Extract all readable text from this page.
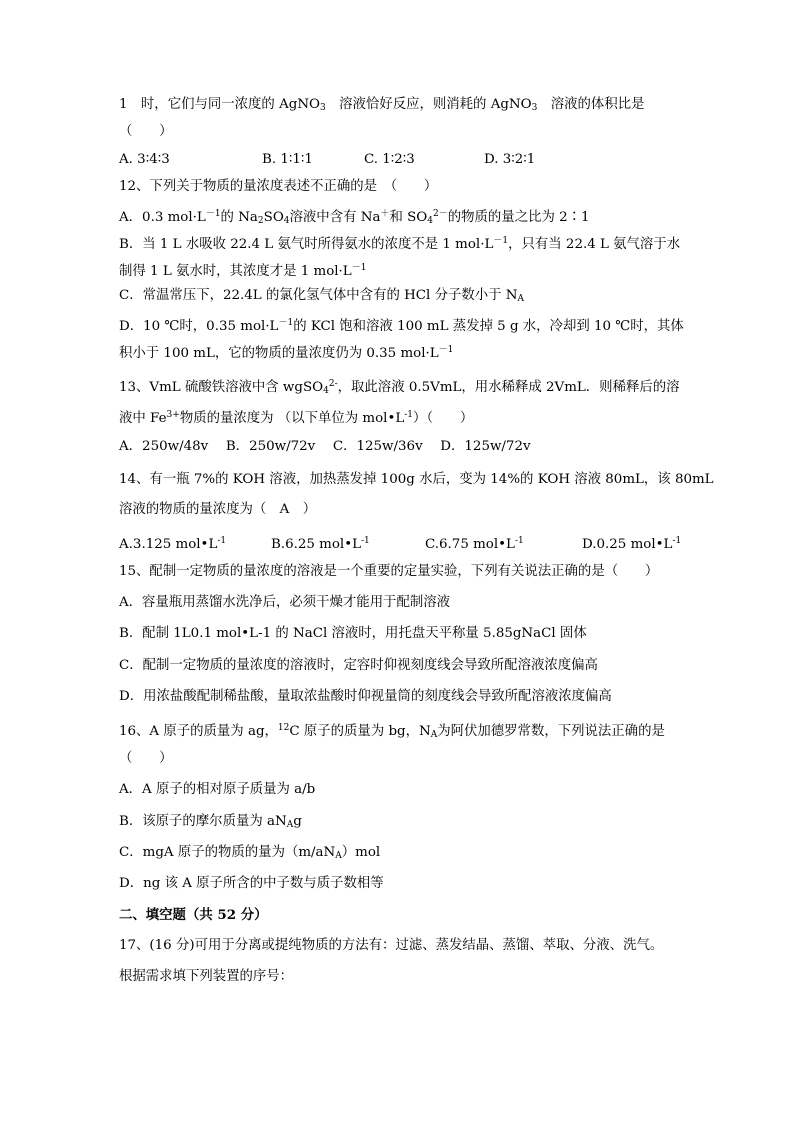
1　时，它们与同一浓度的 AgNO$_3$　溶液恰好反应，则消耗的 AgNO$_3$　溶液的体积比是
（　　）
A. 3∶4∶3	B. 1∶1∶1	C. 1∶2∶3	D. 3∶2∶1
12、下列关于物质的量浓度表述不正确的是　（　　）
A．0.3 $mol\cdot L^{-1}$的 $Na_2SO_4$溶液中含有 Na＋和 $SO_4^{2-}$的物质的量之比为 2∶1
B．当 1 L 水吸收 22.4 L 氨气时所得氨水的浓度不是 1 $mol\cdot L^{-1}$，只有当 22.4 L 氨气溶于水
制得 1 L 氨水时，其浓度才是 1 $mol\cdot L^{-1}$
C．常温常压下，22.4L 的氯化氢气体中含有的 HCl 分子数小于 $N_A$
D．10 ℃时，0.35 $mol\cdot L^{-1}$的 KCl 饱和溶液 100 mL 蒸发掉 5 g 水，冷却到 10 ℃时，其体
积小于 100 mL，它的物质的量浓度仍为 0.35 $mol\cdot L^{-1}$
13、VmL 硫酸铁溶液中含 wgSO$_4^{2-}$，取此溶液 0.5VmL，用水稀释成 2VmL．则稀释后的溶
液中 $Fe^{3+}$物质的量浓度为 （以下单位为 $mol•L^{-1}$）（　　）
A．250w/48v　 B．250w/72v　 C．125w/36v　 D．125w/72v
14、有一瓶 7%的 KOH 溶液，加热蒸发掉 100g 水后，变为 14%的 KOH 溶液 80mL，该 80mL
溶液的物质的量浓度为（　A　）
A.3.125 $mol•L^{-1}$	B.6.25 $mol•L^{-1}$	C.6.75 $mol•L^{-1}$	D.0.25 $mol•L^{-1}$
15、配制一定物质的量浓度的溶液是一个重要的定量实验，下列有关说法正确的是（　　）
A．容量瓶用蒸馏水洗净后，必须干燥才能用于配制溶液
B．配制 1L0.1 mol•L-1 的 NaCl 溶液时，用托盘天平称量 5.85gNaCl 固体
C．配制一定物质的量浓度的溶液时，定容时仰视刻度线会导致所配溶液浓度偏高
D．用浓盐酸配制稀盐酸，量取浓盐酸时仰视量筒的刻度线会导致所配溶液浓度偏高
16、A 原子的质量为 ag，$^{12}$C 原子的质量为 bg，$N_A$为阿伏加德罗常数，下列说法正确的是
（　　）
A．A 原子的相对原子质量为 a/b
B．该原子的摩尔质量为 $aN_Ag$
C．mgA 原子的物质的量为$(m/aN_A)mol$
D．ng 该 A 原子所含的中子数与质子数相等
二、填空题（共 52 分）
17、(16 分)可用于分离或提纯物质的方法有：过滤、蒸发结晶、蒸馏、萃取、分液、洗气。
根据需求填下列装置的序号：
